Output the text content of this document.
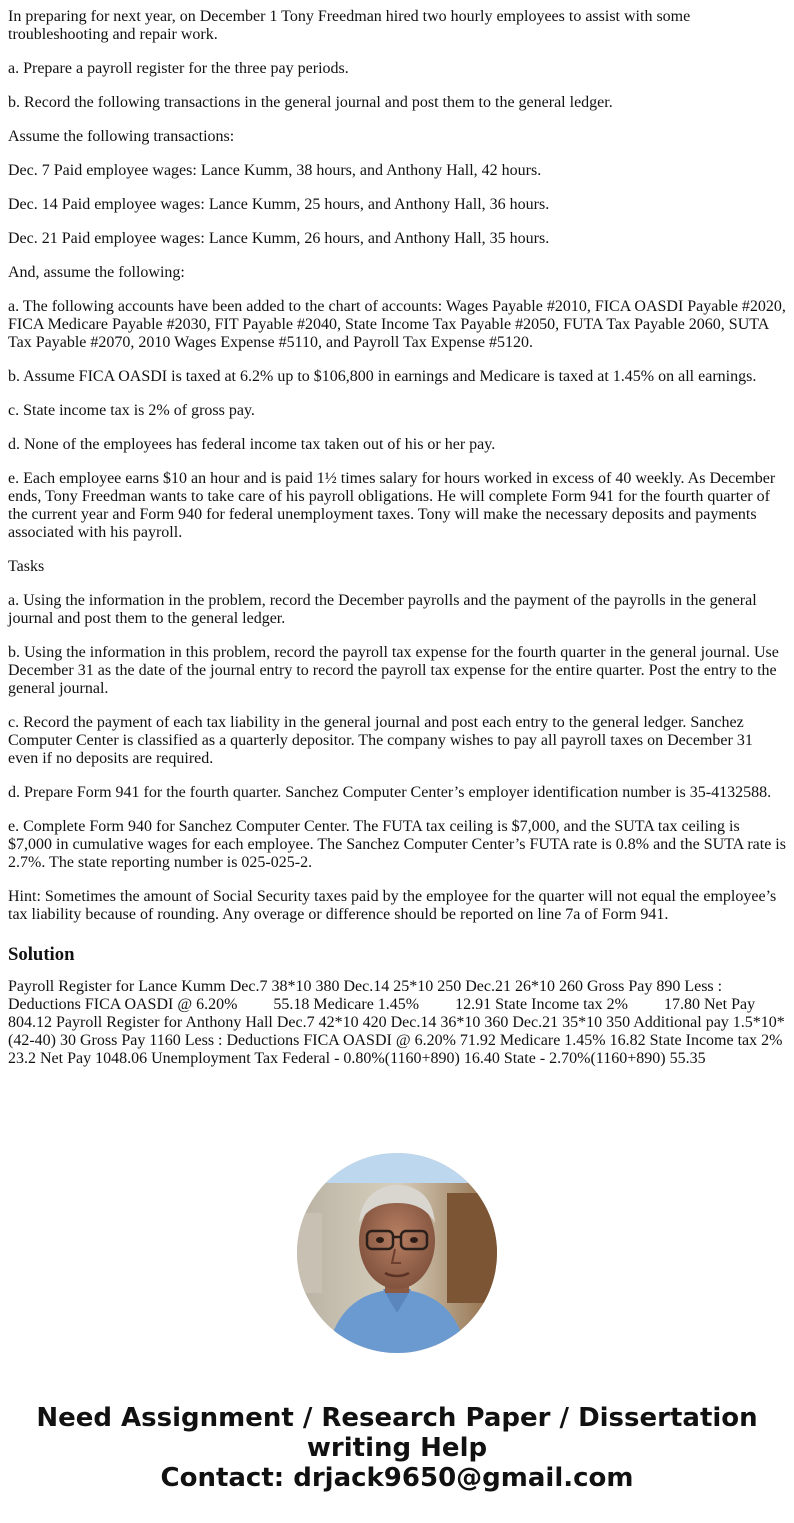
In preparing for next year, on December 1 Tony Freedman hired two hourly employees to assist with some troubleshooting and repair work.

a. Prepare a payroll register for the three pay periods.

b. Record the following transactions in the general journal and post them to the general ledger.

Assume the following transactions:

Dec. 7 Paid employee wages: Lance Kumm, 38 hours, and Anthony Hall, 42 hours.

Dec. 14 Paid employee wages: Lance Kumm, 25 hours, and Anthony Hall, 36 hours.

Dec. 21 Paid employee wages: Lance Kumm, 26 hours, and Anthony Hall, 35 hours.

And, assume the following:

a. The following accounts have been added to the chart of accounts: Wages Payable #2010, FICA OASDI Payable #2020, FICA Medicare Payable #2030, FIT Payable #2040, State Income Tax Payable #2050, FUTA Tax Payable 2060, SUTA Tax Payable #2070, 2010 Wages Expense #5110, and Payroll Tax Expense #5120.

b. Assume FICA OASDI is taxed at 6.2% up to $106,800 in earnings and Medicare is taxed at 1.45% on all earnings.

c. State income tax is 2% of gross pay.

d. None of the employees has federal income tax taken out of his or her pay.

e. Each employee earns $10 an hour and is paid 1½ times salary for hours worked in excess of 40 weekly. As December ends, Tony Freedman wants to take care of his payroll obligations. He will complete Form 941 for the fourth quarter of the current year and Form 940 for federal unemployment taxes. Tony will make the necessary deposits and payments associated with his payroll.

Tasks

a. Using the information in the problem, record the December payrolls and the payment of the payrolls in the general journal and post them to the general ledger.

b. Using the information in this problem, record the payroll tax expense for the fourth quarter in the general journal. Use December 31 as the date of the journal entry to record the payroll tax expense for the entire quarter. Post the entry to the general journal.

c. Record the payment of each tax liability in the general journal and post each entry to the general ledger. Sanchez Computer Center is classified as a quarterly depositor. The company wishes to pay all payroll taxes on December 31 even if no deposits are required.

d. Prepare Form 941 for the fourth quarter. Sanchez Computer Center’s employer identification number is 35-4132588.

e. Complete Form 940 for Sanchez Computer Center. The FUTA tax ceiling is $7,000, and the SUTA tax ceiling is $7,000 in cumulative wages for each employee. The Sanchez Computer Center’s FUTA rate is 0.8% and the SUTA rate is 2.7%. The state reporting number is 025-025-2.

Hint: Sometimes the amount of Social Security taxes paid by the employee for the quarter will not equal the employee’s tax liability because of rounding. Any overage or difference should be reported on line 7a of Form 941.

Solution

Payroll Register for Lance Kumm Dec.7 38*10 380 Dec.14 25*10 250 Dec.21 26*10 260 Gross Pay 890 Less : Deductions FICA OASDI @ 6.20%         55.18 Medicare 1.45%         12.91 State Income tax 2%         17.80 Net Pay 804.12 Payroll Register for Anthony Hall Dec.7 42*10 420 Dec.14 36*10 360 Dec.21 35*10 350 Additional pay 1.5*10*(42-40) 30 Gross Pay 1160 Less : Deductions FICA OASDI @ 6.20% 71.92 Medicare 1.45% 16.82 State Income tax 2% 23.2 Net Pay 1048.06 Unemployment Tax Federal - 0.80%(1160+890) 16.40 State - 2.70%(1160+890) 55.35

Need Assignment / Research Paper / Dissertation
writing Help
Contact: drjack9650@gmail.com
